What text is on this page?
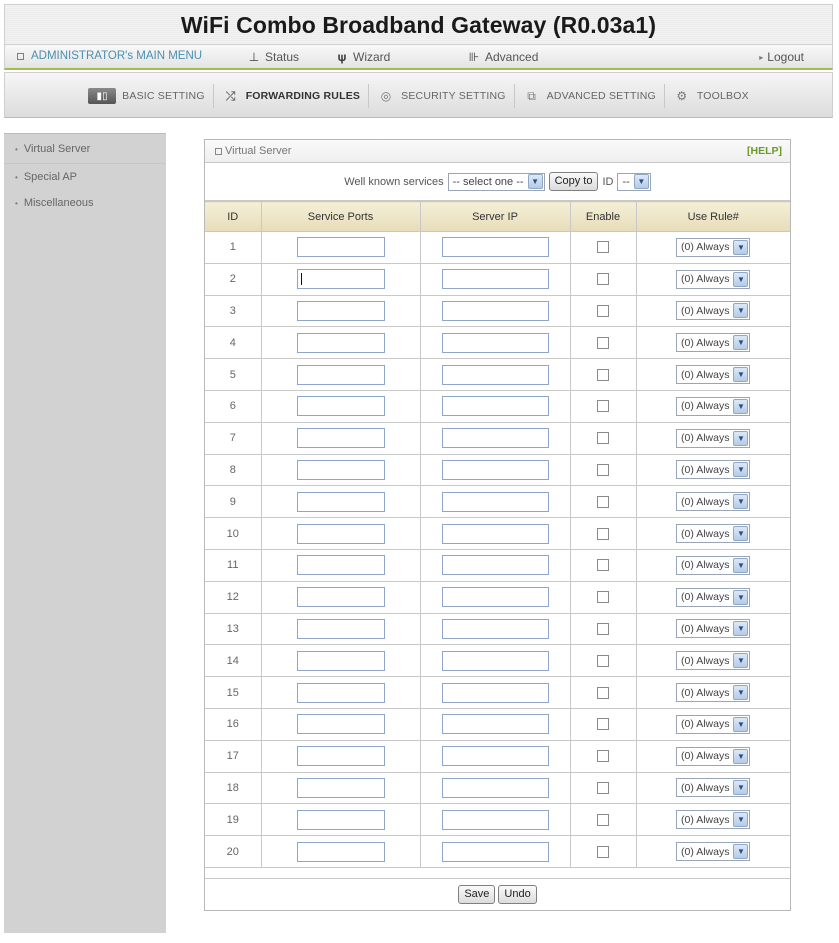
WiFi Combo Broadband Gateway (R0.03a1)
ADMINISTRATOR's MAIN MENU	⊥ Status	𝛙 Wizard	⊪ Advanced	▸ Logout
▮▯	BASIC SETTING	⤮ FORWARDING RULES	◎ SECURITY SETTING	⧉	ADVANCED SETTING ⚙ TOOLBOX
• Virtual Server
• Special AP
• Miscellaneous
Virtual Server	[HELP]
Well known services -- select one -- ▼	Copy to ID -- ▼
ID	Service Ports	Server IP	Enable	Use Rule#
1				(0) Always ▼

2				(0) Always ▼

3				(0) Always ▼

4				(0) Always ▼

5				(0) Always ▼

6				(0) Always ▼

7				(0) Always ▼

8				(0) Always ▼

9				(0) Always ▼

10				(0) Always ▼

11				(0) Always ▼

12				(0) Always ▼

13				(0) Always ▼

14				(0) Always ▼

15				(0) Always ▼

16				(0) Always ▼

17				(0) Always ▼

18				(0) Always ▼

19				(0) Always ▼

20				(0) Always ▼
Save	Undo
